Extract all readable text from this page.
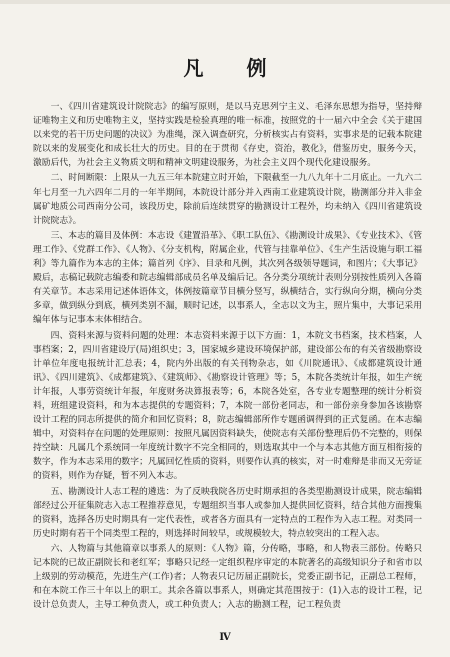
凡 例

一、《四川省建筑设计院院志》的编写原则，是以马克思列宁主义、毛泽东思想为指导，坚持辩证唯物主义和历史唯物主义，坚持实践是检验真理的唯一标准，按照党的十一届六中全会《关于建国以来党的若干历史问题的决议》为准绳，深入调查研究，分析核实占有资料，实事求是的记载本院建院以来的发展变化和成长壮大的历史。目的在于贯彻《存史，资治，教化》，借鉴历史，服务今天，激励后代，为社会主义物质文明和精神文明建设服务，为社会主义四个现代化建设服务。

二、时间断限：上限从一九五三年本院建立时开始，下限截至一九八九年十二月底止。一九六二年七月至一九六四年二月的一年半期间，本院设计部分并入西南工业建筑设计院，勘测部分并入非金属矿地质公司西南分公司，该段历史，除前后连续贯穿的勘测设计工程外，均未纳入《四川省建筑设计院院志》。

三、本志的篇目及体例：本志设《建置沿革》、《职工队伍》、《勘测设计成果》、《专业技术》、《管理工作》、《党群工作》、《人物》、《分支机构，附属企业，代管与挂靠单位》、《生产生活设施与职工福利》等九篇作为本志的主体；篇首列《序》、目录和凡例，其次列各级领导题词，和图片；《大事记》殿后，志稿记载院志编委和院志编辑部成员名单及编后记。各分类分项统计表则分别按性质列入各篇有关章节。本志采用记述体语体文，体例按篇章节目横分竖写，纵横结合，实行纵向分期，横向分类多章，做到纵分到底，横列类别不漏，顺时记述，以事系人，全志以文为主，照片集中，大事记采用编年体与记事本末体相结合。

四、资料来源与资料问题的处理：本志资料来源于以下方面：1，本院文书档案，技术档案，人事档案；2，四川省建设厅(局)组织史；3，国家城乡建设环境保护部，建设部公布的有关省级勘察设计单位年度电报统计汇总表；4，院内外出版的有关刊物杂志，如《川院通讯》、《成都建筑设计通讯》、《四川建筑》、《成都建筑》、《建筑师》、《勘察设计管理》等；5，本院各类统计年报，如生产统计年报，人事劳资统计年报，年度财务决算报表等；6，本院各处室，各专业专题整理的统计分析资料，班组建设资料，和为本志提供的专题资料；7，本院一部份老同志，和一部份亲身参加各该勘察设计工程的同志所提供的简介和回忆资料；8，院志编辑部所作专题函调得到的正式复函。在本志编辑中，对资料存在问题的处理原则：按照凡属因资料缺失，使院志有关部份整理后仍不完整的，则保持空缺：凡属几个系统同一年度统计数字不完全相同的，则选取其中一个与本志其他方面互相衔接的数字，作为本志采用的数字；凡属回忆性质的资料，则要作认真的核实，对一时难辩是非而又无旁证的资料，则作为存疑，暂不列入本志。

五、勘测设计人志工程的遴选：为了反映我院各历史时期承担的各类型勘测设计成果，院志编辑部经过公开征集院志入志工程推荐意见，专题组织当事人或参加人提供回忆资料，结合其他方面搜集的资料，选择各历史时期具有一定代表性，或者各方面具有一定特点的工程作为入志工程。对类同一历史时期有若干个同类型工程的，则选择时间较早，或规模较大，特点较突出的工程入志。

六、人物篇与其他篇章以事系人的原则：《人物》篇，分传略，事略，和人物表三部份。传略只记本院的已故正副院长和老红军；事略只记经一定组织程序审定的本院著名的高级知识分子和省市以上级别的劳动模范，先进生产(工作)者；人物表只记历届正副院长，党委正副书记，正副总工程师，和在本院工作三十年以上的职工。其余各篇以事系人，则确定其范围按于：(1)入志的设计工程，记设计总负责人，主导工种负责人，或工种负责人；入志的勘测工程，记工程负责

Ⅳ
